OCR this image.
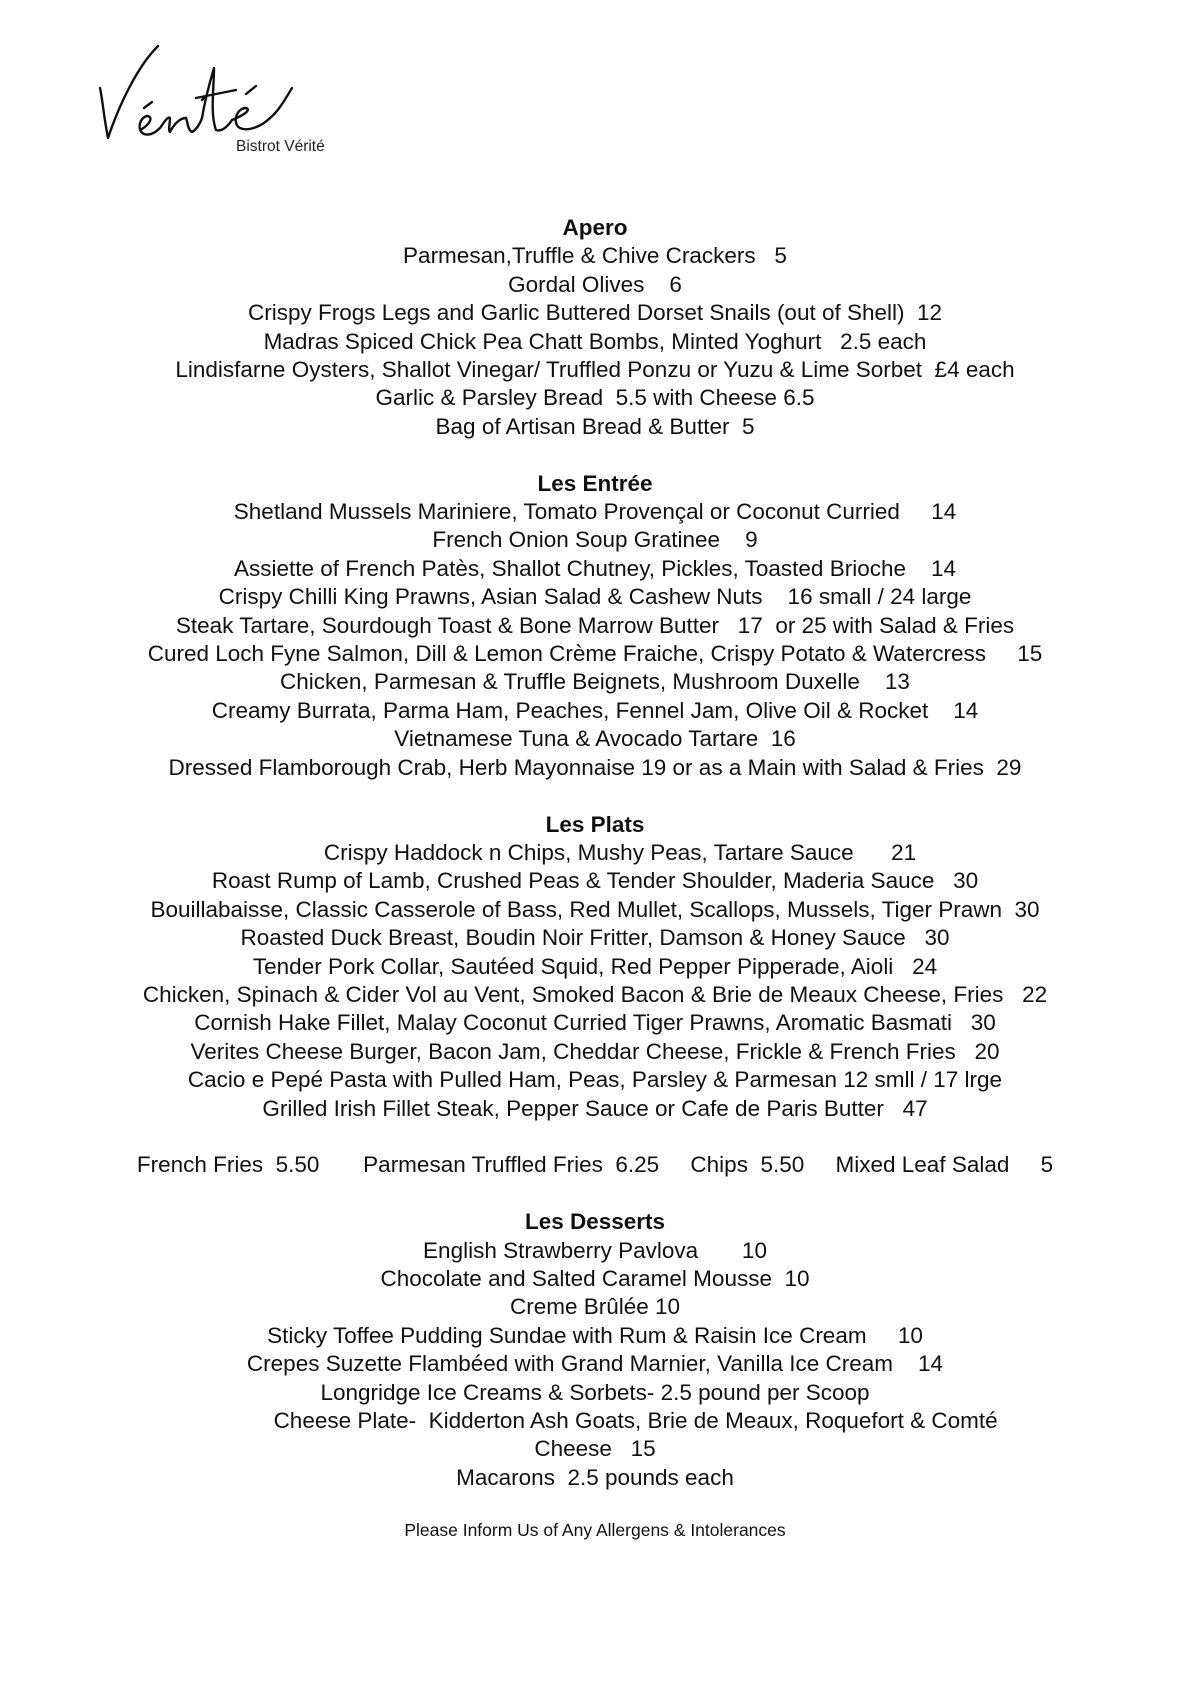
Bistrot Vérité
Apero
Parmesan,Truffle & Chive Crackers   5
Gordal Olives    6
Crispy Frogs Legs and Garlic Buttered Dorset Snails (out of Shell)  12
Madras Spiced Chick Pea Chatt Bombs, Minted Yoghurt   2.5 each
Lindisfarne Oysters, Shallot Vinegar/ Truffled Ponzu or Yuzu & Lime Sorbet  £4 each
Garlic & Parsley Bread  5.5 with Cheese 6.5
Bag of Artisan Bread & Butter  5
Les Entrée
Shetland Mussels Mariniere, Tomato Provençal or Coconut Curried     14
French Onion Soup Gratinee    9
Assiette of French Patès, Shallot Chutney, Pickles, Toasted Brioche    14
Crispy Chilli King Prawns, Asian Salad & Cashew Nuts    16 small / 24 large
Steak Tartare, Sourdough Toast & Bone Marrow Butter   17  or 25 with Salad & Fries
Cured Loch Fyne Salmon, Dill & Lemon Crème Fraiche, Crispy Potato & Watercress     15
Chicken, Parmesan & Truffle Beignets, Mushroom Duxelle    13
Creamy Burrata, Parma Ham, Peaches, Fennel Jam, Olive Oil & Rocket    14
Vietnamese Tuna & Avocado Tartare  16
Dressed Flamborough Crab, Herb Mayonnaise 19 or as a Main with Salad & Fries  29
Les Plats
Crispy Haddock n Chips, Mushy Peas, Tartare Sauce      21
Roast Rump of Lamb, Crushed Peas & Tender Shoulder, Maderia Sauce   30
Bouillabaisse, Classic Casserole of Bass, Red Mullet, Scallops, Mussels, Tiger Prawn  30
Roasted Duck Breast, Boudin Noir Fritter, Damson & Honey Sauce   30
Tender Pork Collar, Sautéed Squid, Red Pepper Pipperade, Aioli   24
Chicken, Spinach & Cider Vol au Vent, Smoked Bacon & Brie de Meaux Cheese, Fries   22
Cornish Hake Fillet, Malay Coconut Curried Tiger Prawns, Aromatic Basmati   30
Verites Cheese Burger, Bacon Jam, Cheddar Cheese, Frickle & French Fries   20
Cacio e Pepé Pasta with Pulled Ham, Peas, Parsley & Parmesan 12 smll / 17 lrge
Grilled Irish Fillet Steak, Pepper Sauce or Cafe de Paris Butter   47
French Fries  5.50 Parmesan Truffled Fries  6.25 Chips  5.50 Mixed Leaf Salad     5
Les Desserts
English Strawberry Pavlova       10
Chocolate and Salted Caramel Mousse  10
Creme Brûlée 10
Sticky Toffee Pudding Sundae with Rum & Raisin Ice Cream     10
Crepes Suzette Flambéed with Grand Marnier, Vanilla Ice Cream    14
Longridge Ice Creams & Sorbets- 2.5 pound per Scoop
Cheese Plate-  Kidderton Ash Goats, Brie de Meaux, Roquefort & Comté
Cheese   15
Macarons  2.5 pounds each
Please Inform Us of Any Allergens & Intolerances
